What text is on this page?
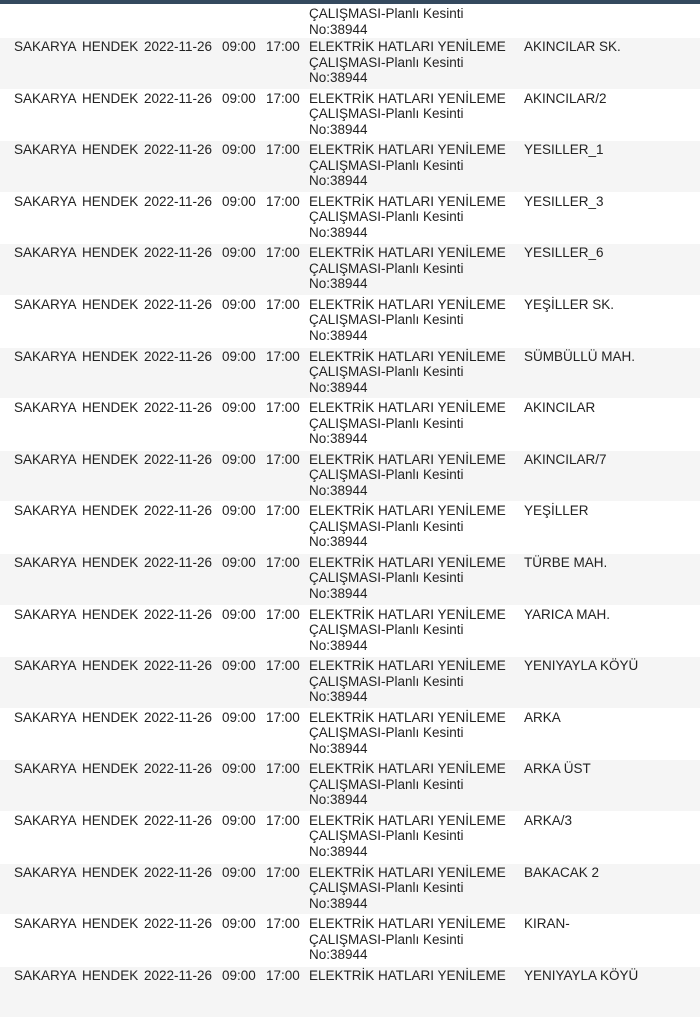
ÇALIŞMASI-Planlı Kesinti
No:38944
SAKARYA HENDEK 2022-11-26 09:00 17:00 ELEKTRİK HATLARI YENİLEME
ÇALIŞMASI-Planlı Kesinti
No:38944
AKINCILAR SK.
SAKARYA HENDEK 2022-11-26 09:00 17:00 ELEKTRİK HATLARI YENİLEME
ÇALIŞMASI-Planlı Kesinti
No:38944
AKINCILAR/2
SAKARYA HENDEK 2022-11-26 09:00 17:00 ELEKTRİK HATLARI YENİLEME
ÇALIŞMASI-Planlı Kesinti
No:38944
YESILLER_1
SAKARYA HENDEK 2022-11-26 09:00 17:00 ELEKTRİK HATLARI YENİLEME
ÇALIŞMASI-Planlı Kesinti
No:38944
YESILLER_3
SAKARYA HENDEK 2022-11-26 09:00 17:00 ELEKTRİK HATLARI YENİLEME
ÇALIŞMASI-Planlı Kesinti
No:38944
YESILLER_6
SAKARYA HENDEK 2022-11-26 09:00 17:00 ELEKTRİK HATLARI YENİLEME
ÇALIŞMASI-Planlı Kesinti
No:38944
YEŞİLLER SK.
SAKARYA HENDEK 2022-11-26 09:00 17:00 ELEKTRİK HATLARI YENİLEME
ÇALIŞMASI-Planlı Kesinti
No:38944
SÜMBÜLLÜ MAH.
SAKARYA HENDEK 2022-11-26 09:00 17:00 ELEKTRİK HATLARI YENİLEME
ÇALIŞMASI-Planlı Kesinti
No:38944
AKINCILAR
SAKARYA HENDEK 2022-11-26 09:00 17:00 ELEKTRİK HATLARI YENİLEME
ÇALIŞMASI-Planlı Kesinti
No:38944
AKINCILAR/7
SAKARYA HENDEK 2022-11-26 09:00 17:00 ELEKTRİK HATLARI YENİLEME
ÇALIŞMASI-Planlı Kesinti
No:38944
YEŞİLLER
SAKARYA HENDEK 2022-11-26 09:00 17:00 ELEKTRİK HATLARI YENİLEME
ÇALIŞMASI-Planlı Kesinti
No:38944
TÜRBE MAH.
SAKARYA HENDEK 2022-11-26 09:00 17:00 ELEKTRİK HATLARI YENİLEME
ÇALIŞMASI-Planlı Kesinti
No:38944
YARICA MAH.
SAKARYA HENDEK 2022-11-26 09:00 17:00 ELEKTRİK HATLARI YENİLEME
ÇALIŞMASI-Planlı Kesinti
No:38944
YENIYAYLA KÖYÜ
SAKARYA HENDEK 2022-11-26 09:00 17:00 ELEKTRİK HATLARI YENİLEME
ÇALIŞMASI-Planlı Kesinti
No:38944
ARKA
SAKARYA HENDEK 2022-11-26 09:00 17:00 ELEKTRİK HATLARI YENİLEME
ÇALIŞMASI-Planlı Kesinti
No:38944
ARKA ÜST
SAKARYA HENDEK 2022-11-26 09:00 17:00 ELEKTRİK HATLARI YENİLEME
ÇALIŞMASI-Planlı Kesinti
No:38944
ARKA/3
SAKARYA HENDEK 2022-11-26 09:00 17:00 ELEKTRİK HATLARI YENİLEME
ÇALIŞMASI-Planlı Kesinti
No:38944
BAKACAK 2
SAKARYA HENDEK 2022-11-26 09:00 17:00 ELEKTRİK HATLARI YENİLEME
ÇALIŞMASI-Planlı Kesinti
No:38944
KIRAN-
SAKARYA HENDEK 2022-11-26 09:00 17:00 ELEKTRİK HATLARI YENİLEME YENIYAYLA KÖYÜ
